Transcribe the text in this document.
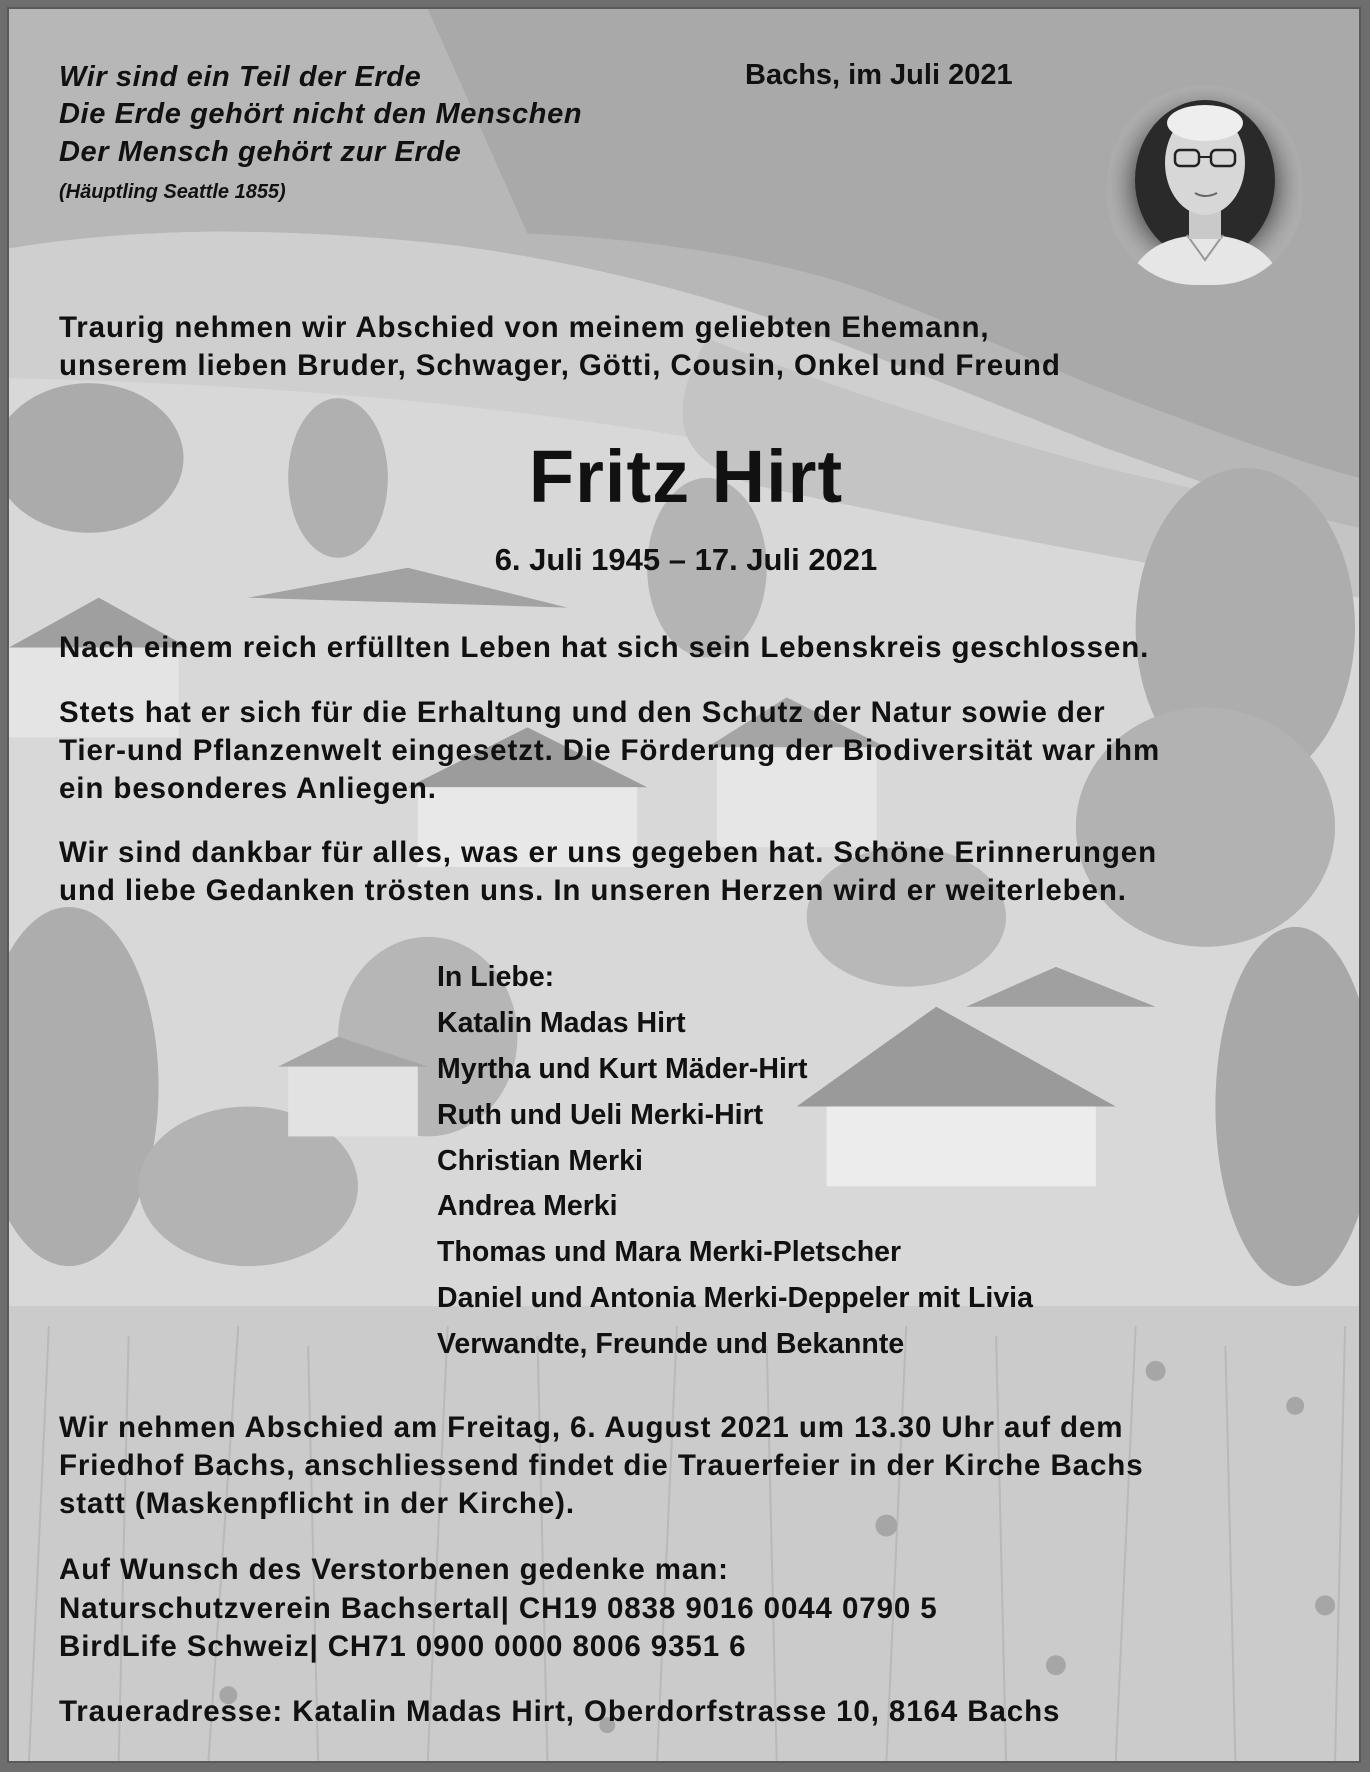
Wir sind ein Teil der Erde
Die Erde gehört nicht den Menschen
Der Mensch gehört zur Erde
(Häuptling Seattle 1855)
Bachs, im Juli 2021
Traurig nehmen wir Abschied von meinem geliebten Ehemann,
unserem lieben Bruder, Schwager, Götti, Cousin, Onkel und Freund
Fritz Hirt
6. Juli 1945 – 17. Juli 2021
Nach einem reich erfüllten Leben hat sich sein Lebenskreis geschlossen.
Stets hat er sich für die Erhaltung und den Schutz der Natur sowie der
Tier-und Pflanzenwelt eingesetzt. Die Förderung der Biodiversität war ihm
ein besonderes Anliegen.
Wir sind dankbar für alles, was er uns gegeben hat. Schöne Erinnerungen
und liebe Gedanken trösten uns. In unseren Herzen wird er weiterleben.
In Liebe:
Katalin Madas Hirt
Myrtha und Kurt Mäder-Hirt
Ruth und Ueli Merki-Hirt
Christian Merki
Andrea Merki
Thomas und Mara Merki-Pletscher
Daniel und Antonia Merki-Deppeler mit Livia
Verwandte, Freunde und Bekannte
Wir nehmen Abschied am Freitag, 6. August 2021 um 13.30 Uhr auf dem
Friedhof Bachs, anschliessend findet die Trauerfeier in der Kirche Bachs
statt (Maskenpflicht in der Kirche).
Auf Wunsch des Verstorbenen gedenke man:
Naturschutzverein Bachsertal| CH19 0838 9016 0044 0790 5
BirdLife Schweiz| CH71 0900 0000 8006 9351 6
Traueradresse: Katalin Madas Hirt, Oberdorfstrasse 10, 8164 Bachs
